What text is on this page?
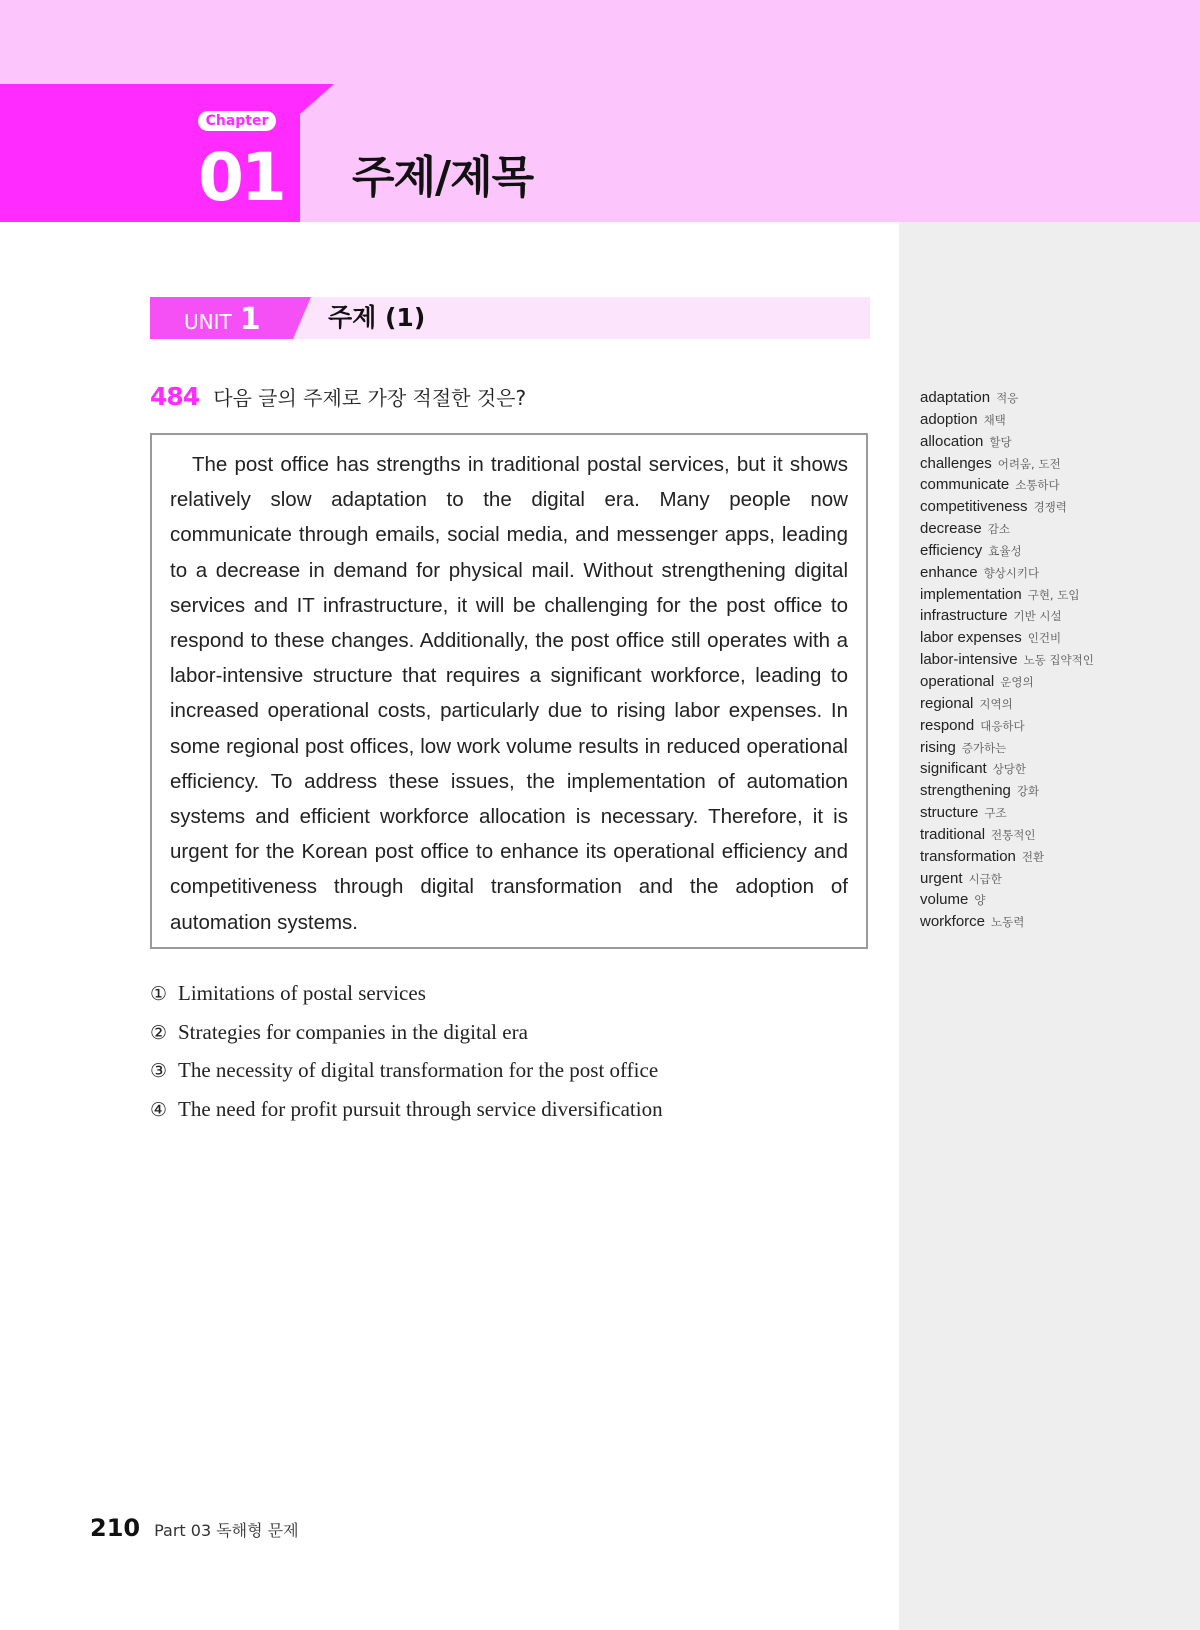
Chapter
01 주제/제목
UNIT 1	주제 (1)
484 다음 글의 주제로 가장 적절한 것은?

The post office has strengths in traditional postal services, but it shows relatively slow adaptation to the digital era. Many people now communicate through emails, social media, and messenger apps, leading to a decrease in demand for physical mail. Without strengthening digital services and IT infrastructure, it will be challenging for the post office to respond to these changes. Additionally, the post office still operates with a labor-intensive structure that requires a significant workforce, leading to increased operational costs, particularly due to rising labor expenses. In some regional post offices, low work volume results in reduced operational efficiency. To address these issues, the implementation of automation systems and efficient workforce allocation is necessary. Therefore, it is urgent for the Korean post office to enhance its operational efficiency and competitiveness through digital transformation and the adoption of automation systems.

① Limitations of postal services
② Strategies for companies in the digital era
③ The necessity of digital transformation for the post office
④ The need for profit pursuit through service diversification
adaptation 적응
adoption 채택
allocation 할당
challenges 어려움, 도전
communicate 소통하다
competitiveness 경쟁력
decrease 감소
efficiency 효율성
enhance 향상시키다
implementation 구현, 도입
infrastructure 기반 시설
labor expenses 인건비
labor-intensive 노동 집약적인
operational 운영의
regional 지역의
respond 대응하다
rising 증가하는
significant 상당한
strengthening 강화
structure 구조
traditional 전통적인
transformation 전환
urgent 시급한
volume 양
workforce 노동력
210 Part 03 독해형 문제
